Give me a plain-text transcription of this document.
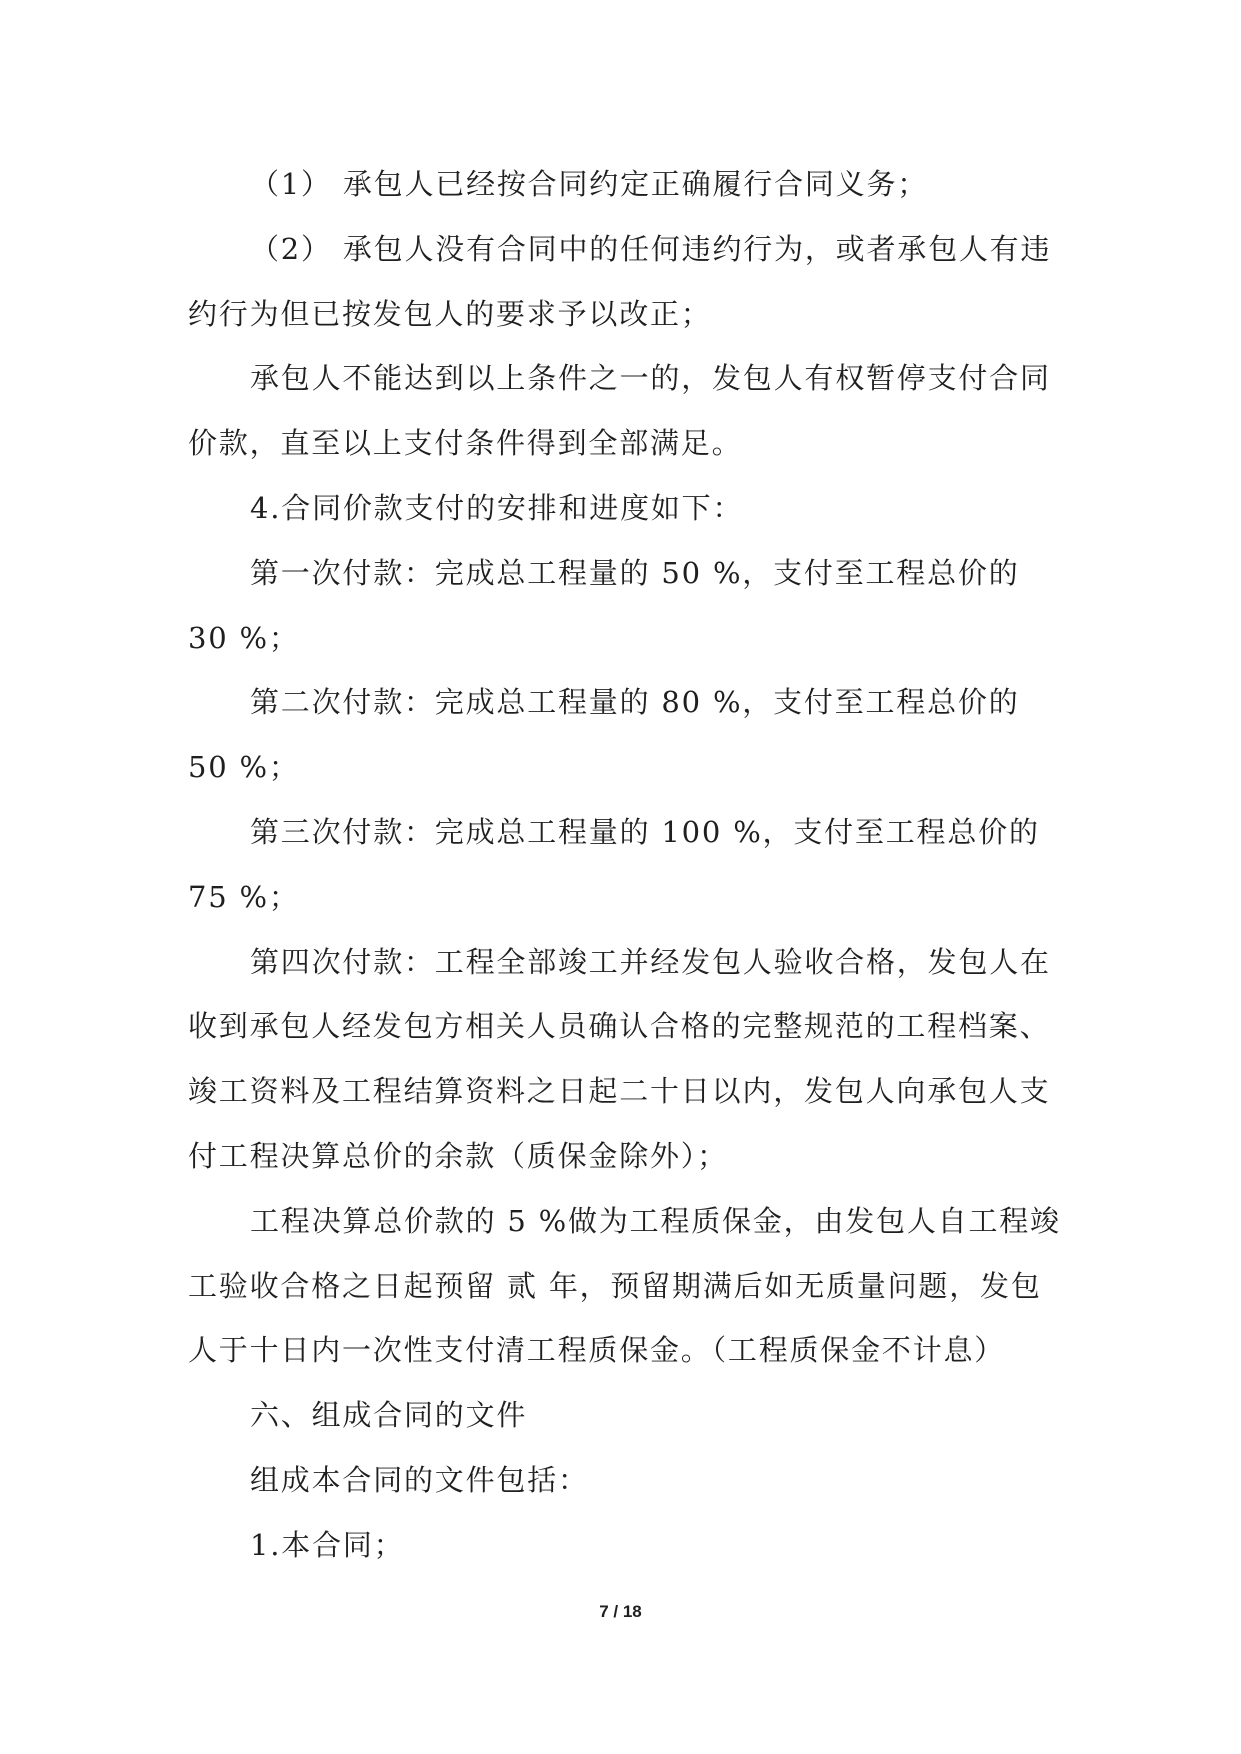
（1） 承包人已经按合同约定正确履行合同义务；
（2） 承包人没有合同中的任何违约行为，或者承包人有违
约行为但已按发包人的要求予以改正；
承包人不能达到以上条件之一的，发包人有权暂停支付合同
价款，直至以上支付条件得到全部满足。
4.合同价款支付的安排和进度如下：
第一次付款：完成总工程量的 50 %，支付至工程总价的
30 %；
第二次付款：完成总工程量的 80 %，支付至工程总价的
50 %；
第三次付款：完成总工程量的 100 %，支付至工程总价的
75 %；
第四次付款：工程全部竣工并经发包人验收合格，发包人在
收到承包人经发包方相关人员确认合格的完整规范的工程档案、
竣工资料及工程结算资料之日起二十日以内，发包人向承包人支
付工程决算总价的余款（质保金除外）；
工程决算总价款的 5 %做为工程质保金，由发包人自工程竣
工验收合格之日起预留 贰 年，预留期满后如无质量问题，发包
人于十日内一次性支付清工程质保金。（工程质保金不计息）
六、组成合同的文件
组成本合同的文件包括：
1.本合同；
7 / 18
